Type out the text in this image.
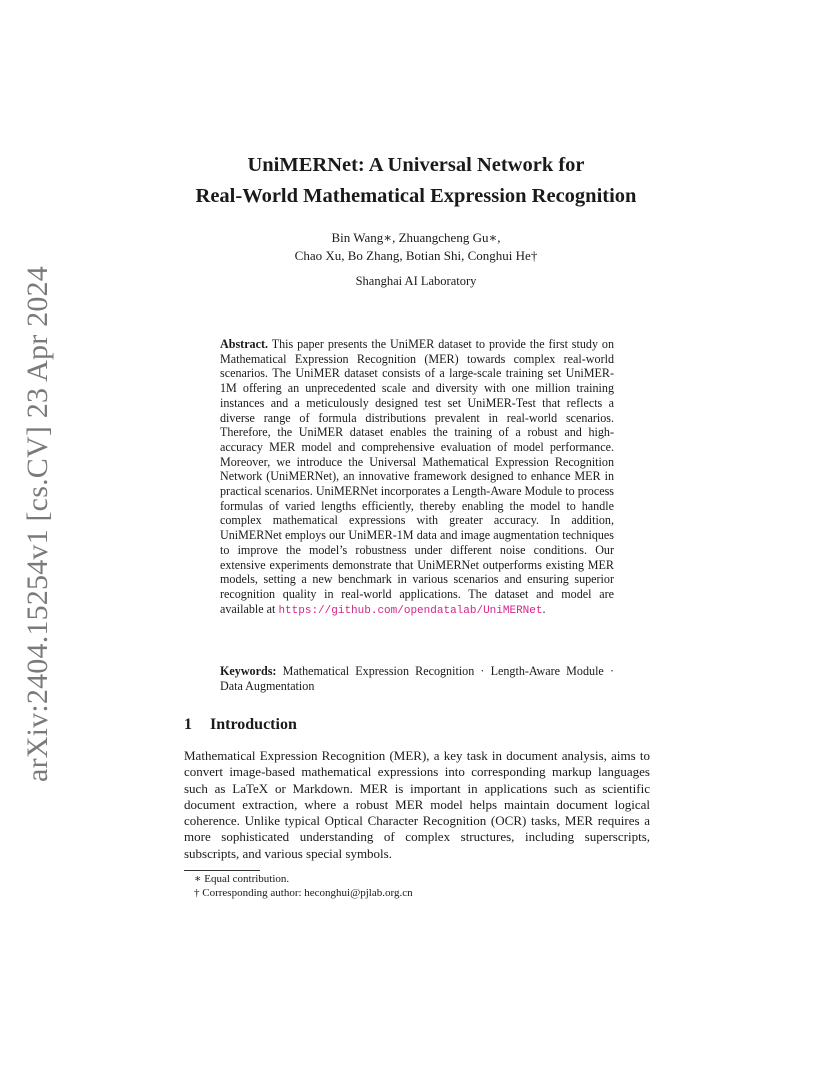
arXiv:2404.15254v1 [cs.CV] 23 Apr 2024
UniMERNet: A Universal Network for
Real-World Mathematical Expression Recognition
Bin Wang∗, Zhuangcheng Gu∗,
Chao Xu, Bo Zhang, Botian Shi, Conghui He†
Shanghai AI Laboratory
Abstract. This paper presents the UniMER dataset to provide the first study on Mathematical Expression Recognition (MER) towards complex real-world scenarios. The UniMER dataset consists of a large-scale training set UniMER-1M offering an unprecedented scale and diversity with one million training instances and a meticulously designed test set UniMER-Test that reflects a diverse range of formula distributions prevalent in real-world scenarios. Therefore, the UniMER dataset enables the training of a robust and high-accuracy MER model and comprehensive evaluation of model performance. Moreover, we introduce the Universal Mathematical Expression Recognition Network (UniMERNet), an innovative framework designed to enhance MER in practical scenarios. UniMERNet incorporates a Length-Aware Module to process formulas of varied lengths efficiently, thereby enabling the model to handle complex mathematical expressions with greater accuracy. In addition, UniMERNet employs our UniMER-1M data and image augmentation techniques to improve the model’s robustness under different noise conditions. Our extensive experiments demonstrate that UniMERNet outperforms existing MER models, setting a new benchmark in various scenarios and ensuring superior recognition quality in real-world applications. The dataset and model are available at https://github.com/opendatalab/UniMERNet.
Keywords: Mathematical Expression Recognition · Length-Aware Module · Data Augmentation
1 Introduction
Mathematical Expression Recognition (MER), a key task in document analysis, aims to convert image-based mathematical expressions into corresponding markup languages such as LaTeX or Markdown. MER is important in applications such as scientific document extraction, where a robust MER model helps maintain document logical coherence. Unlike typical Optical Character Recognition (OCR) tasks, MER requires a more sophisticated understanding of complex structures, including superscripts, subscripts, and various special symbols.
∗ Equal contribution.
† Corresponding author: heconghui@pjlab.org.cn
